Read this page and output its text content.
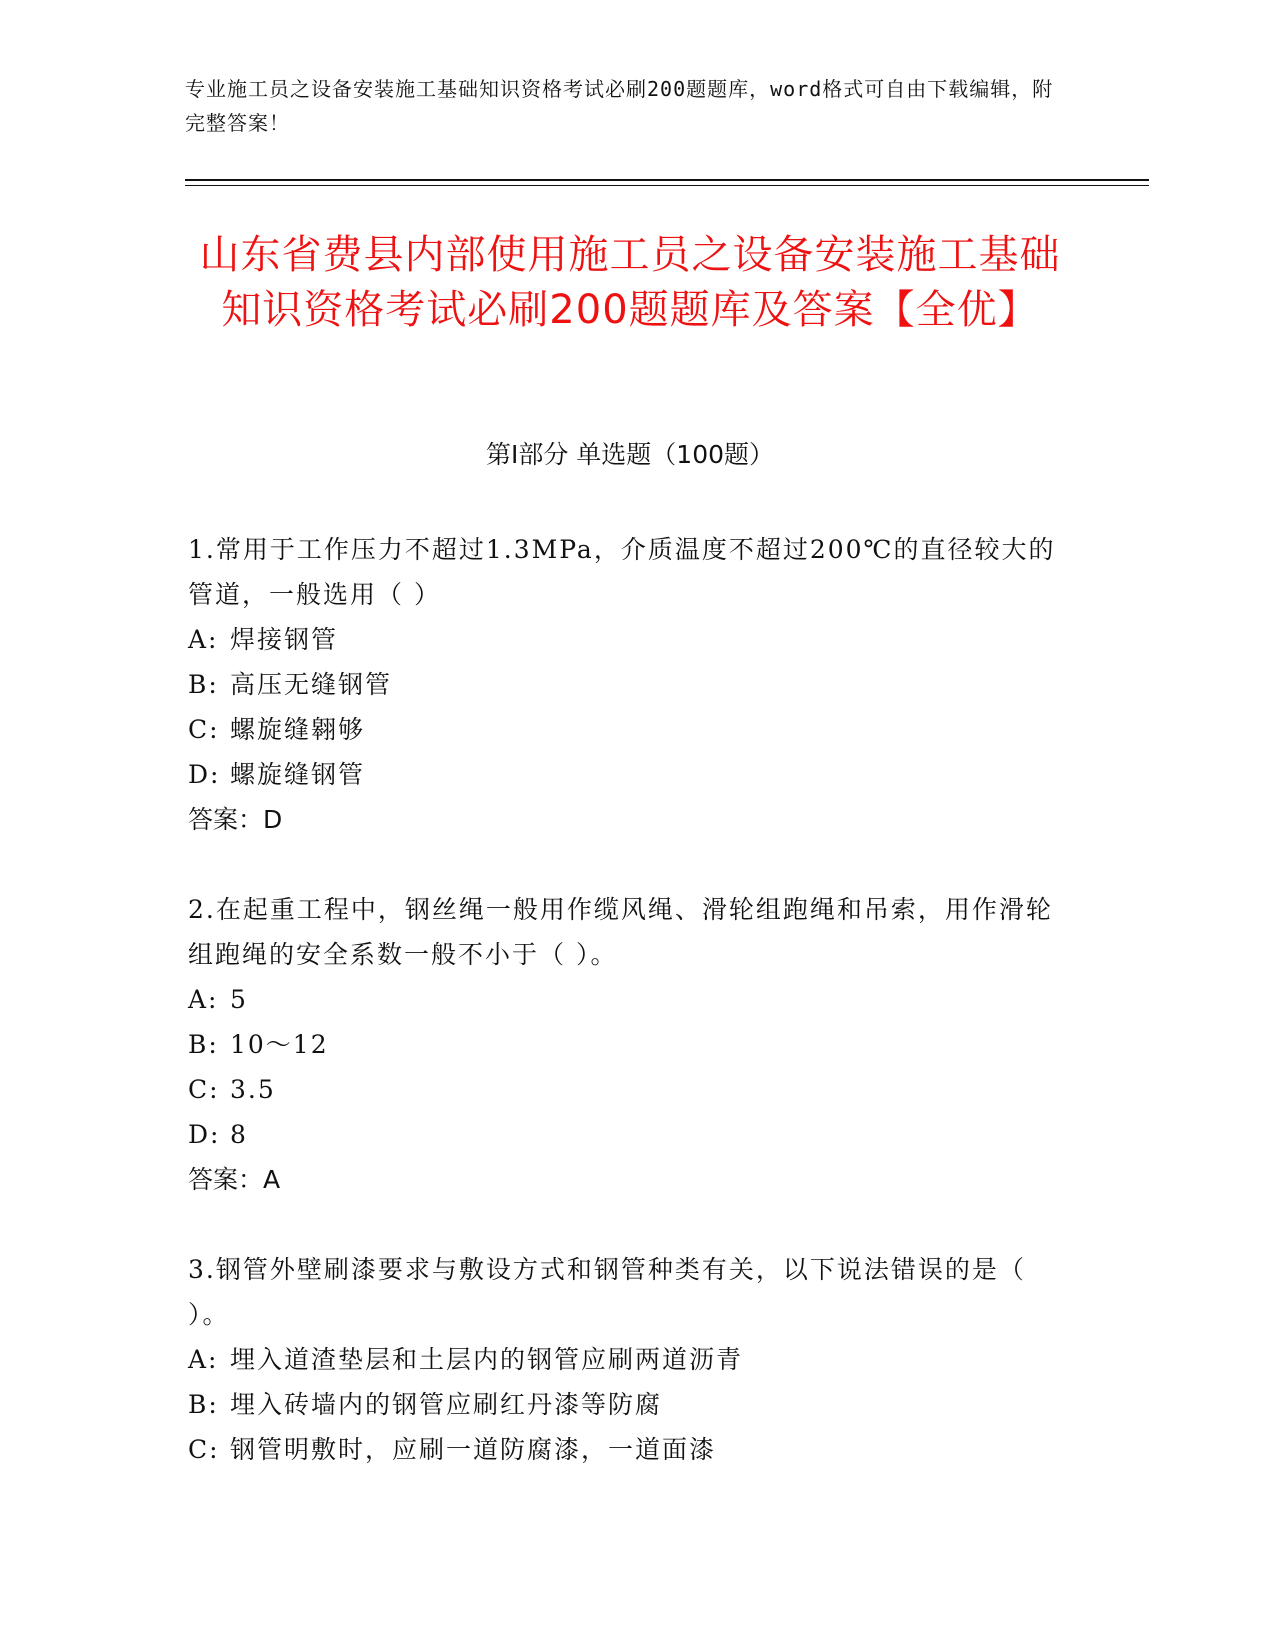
专业施工员之设备安装施工基础知识资格考试必刷200题题库，word格式可自由下载编辑，附完整答案！
山东省费县内部使用施工员之设备安装施工基础知识资格考试必刷200题题库及答案【全优】
第Ⅰ部分 单选题（100题）
1.常用于工作压力不超过1.3MPa，介质温度不超过200℃的直径较大的管道，一般选用（ ）
A: 焊接钢管
B: 高压无缝钢管
C: 螺旋缝翱够
D: 螺旋缝钢管
答案：D
2.在起重工程中，钢丝绳一般用作缆风绳、滑轮组跑绳和吊索，用作滑轮组跑绳的安全系数一般不小于（ ）。
A: 5
B: 10～12
C: 3.5
D: 8
答案：A
3.钢管外壁刷漆要求与敷设方式和钢管种类有关，以下说法错误的是（ ）。
A: 埋入道渣垫层和土层内的钢管应刷两道沥青
B: 埋入砖墙内的钢管应刷红丹漆等防腐
C: 钢管明敷时，应刷一道防腐漆，一道面漆
